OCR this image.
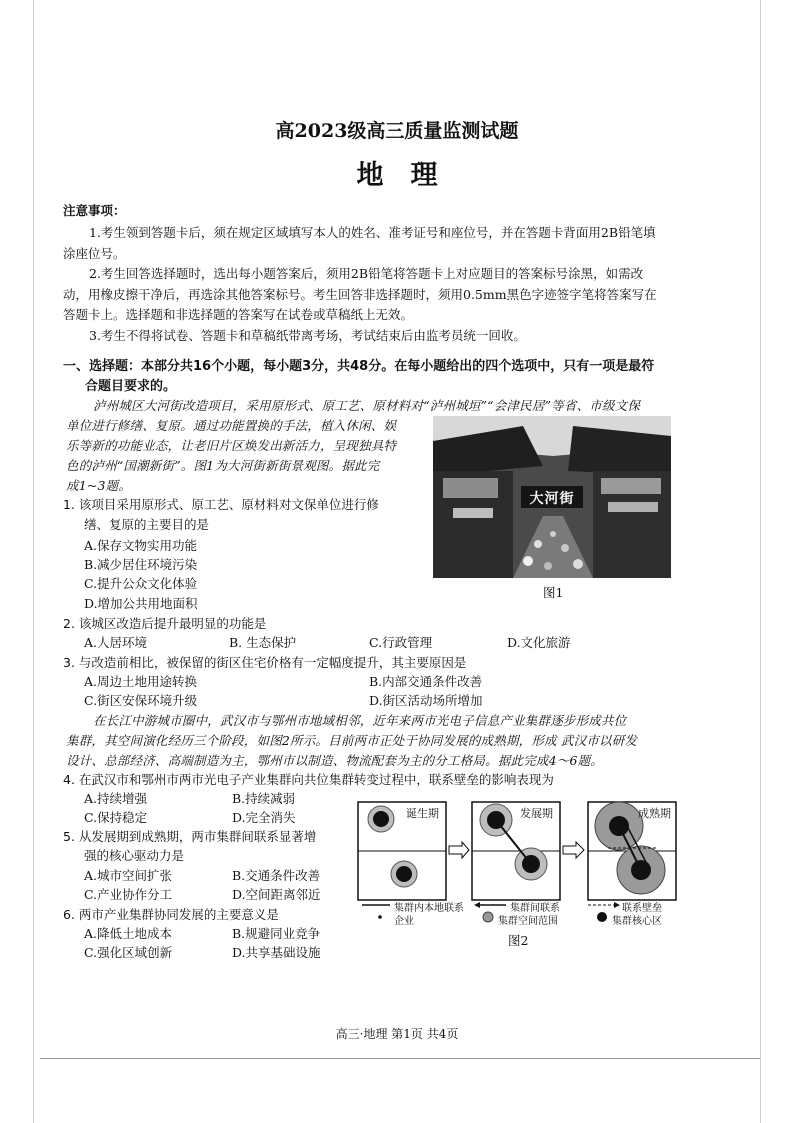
高2023级高三质量监测试题
地　理
注意事项：
1.考生领到答题卡后，须在规定区域填写本人的姓名、准考证号和座位号，并在答题卡背面用2B铅笔填
涂座位号。
2.考生回答选择题时，选出每小题答案后，须用2B铅笔将答题卡上对应题目的答案标号涂黑，如需改
动，用橡皮擦干净后，再选涂其他答案标号。考生回答非选择题时，须用0.5mm黑色字迹签字笔将答案写在
答题卡上。选择题和非选择题的答案写在试卷或草稿纸上无效。
3.考生不得将试卷、答题卡和草稿纸带离考场，考试结束后由监考员统一回收。
一、选择题：本部分共16个小题，每小题3分，共48分。在每小题给出的四个选项中，只有一项是最符
合题目要求的。
泸州城区大河街改造项目，采用原形式、原工艺、原材料对“泸州城垣”“会津民居”等省、市级文保
单位进行修缮、复原。通过功能置换的手法，植入休闲、娱
乐等新的功能业态，让老旧片区焕发出新活力，呈现独具特
色的泸州“国潮新街”。图1为大河街新街景观图。据此完
成1~3题。
大河街
图1
1. 该项目采用原形式、原工艺、原材料对文保单位进行修
缮、复原的主要目的是
A.保存文物实用功能
B.减少居住环境污染
C.提升公众文化体验
D.增加公共用地面积
2. 该城区改造后提升最明显的功能是
A.人居环境	B. 生态保护	C.行政管理	D.文化旅游
3. 与改造前相比，被保留的街区住宅价格有一定幅度提升，其主要原因是
A.周边土地用途转换	B.内部交通条件改善
C.街区安保环境升级	D.街区活动场所增加
在长江中游城市圈中，武汉市与鄂州市地域相邻，近年来两市光电子信息产业集群逐步形成共位
集群，其空间演化经历三个阶段，如图2所示。目前两市正处于协同发展的成熟期，形成 武汉市以研发
设计、总部经济、高端制造为主，鄂州市以制造、物流配套为主的分工格局。据此完成4～6题。
4. 在武汉市和鄂州市两市光电子产业集群向共位集群转变过程中，联系壁垒的影响表现为
A.持续增强	B.持续减弱
C.保持稳定	D.完全消失
5. 从发展期到成熟期，两市集群间联系显著增
强的核心驱动力是
A.城市空间扩张	B.交通条件改善
C.产业协作分工	D.空间距离邻近
6. 两市产业集群协同发展的主要意义是
A.降低土地成本	B.规避同业竞争
C.强化区域创新	D.共享基础设施
诞生期	发展期	成熟期
集群内本地联系	集群间联系	联系壁垒
企业	集群空间范围	集群核心区
图2
高三·地理 第1页 共4页
